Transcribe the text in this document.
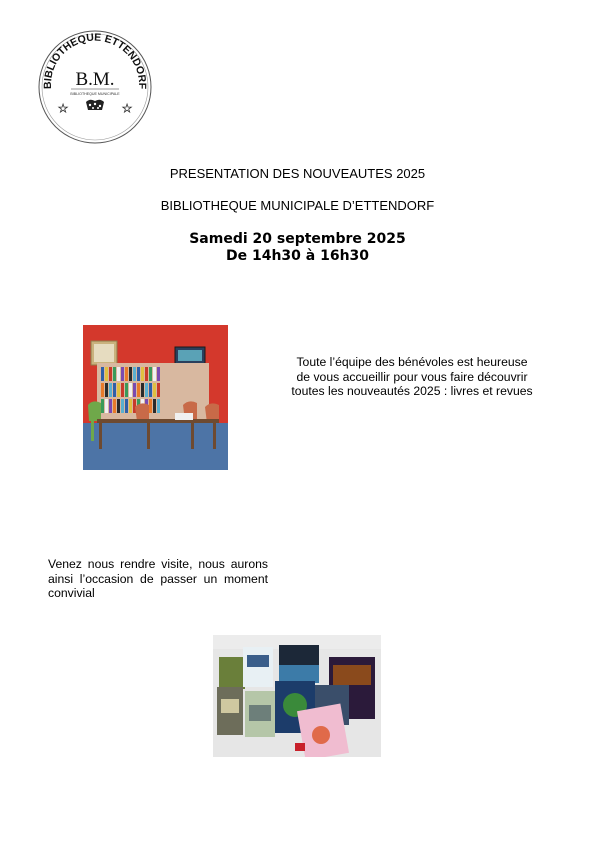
BIBLIOTHEQUE ETTENDORF
B.M.
BIBLIOTHEQUE MUNICIPALE
★	★
PRESENTATION DES NOUVEAUTES 2025
BIBLIOTHEQUE MUNICIPALE D’ETTENDORF
Samedi 20 septembre 2025
De 14h30 à 16h30
Toute l’équipe des bénévoles est heureuse
de vous accueillir pour vous faire découvrir
toutes les nouveautés 2025 : livres et revues
Venez nous rendre visite, nous aurons ainsi l’occasion de passer un moment convivial
